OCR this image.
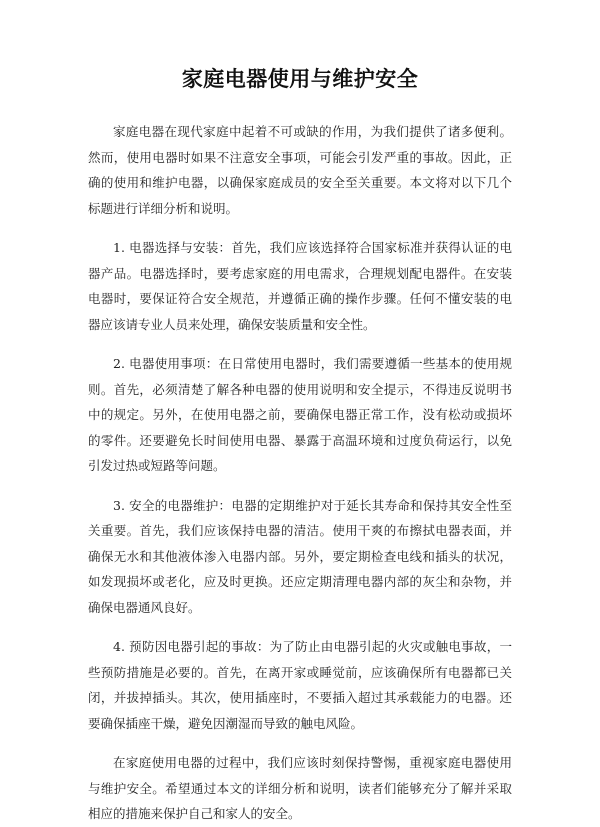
家庭电器使用与维护安全

家庭电器在现代家庭中起着不可或缺的作用，为我们提供了诸多便利。然而，使用电器时如果不注意安全事项，可能会引发严重的事故。因此，正确的使用和维护电器，以确保家庭成员的安全至关重要。本文将对以下几个标题进行详细分析和说明。

1. 电器选择与安装：首先，我们应该选择符合国家标准并获得认证的电器产品。电器选择时，要考虑家庭的用电需求，合理规划配电器件。在安装电器时，要保证符合安全规范，并遵循正确的操作步骤。任何不懂安装的电器应该请专业人员来处理，确保安装质量和安全性。

2. 电器使用事项：在日常使用电器时，我们需要遵循一些基本的使用规则。首先，必须清楚了解各种电器的使用说明和安全提示，不得违反说明书中的规定。另外，在使用电器之前，要确保电器正常工作，没有松动或损坏的零件。还要避免长时间使用电器、暴露于高温环境和过度负荷运行，以免引发过热或短路等问题。

3. 安全的电器维护：电器的定期维护对于延长其寿命和保持其安全性至关重要。首先，我们应该保持电器的清洁。使用干爽的布擦拭电器表面，并确保无水和其他液体渗入电器内部。另外，要定期检查电线和插头的状况，如发现损坏或老化，应及时更换。还应定期清理电器内部的灰尘和杂物，并确保电器通风良好。

4. 预防因电器引起的事故：为了防止由电器引起的火灾或触电事故，一些预防措施是必要的。首先，在离开家或睡觉前，应该确保所有电器都已关闭，并拔掉插头。其次，使用插座时，不要插入超过其承载能力的电器。还要确保插座干燥，避免因潮湿而导致的触电风险。

在家庭使用电器的过程中，我们应该时刻保持警惕，重视家庭电器使用与维护安全。希望通过本文的详细分析和说明，读者们能够充分了解并采取相应的措施来保护自己和家人的安全。
